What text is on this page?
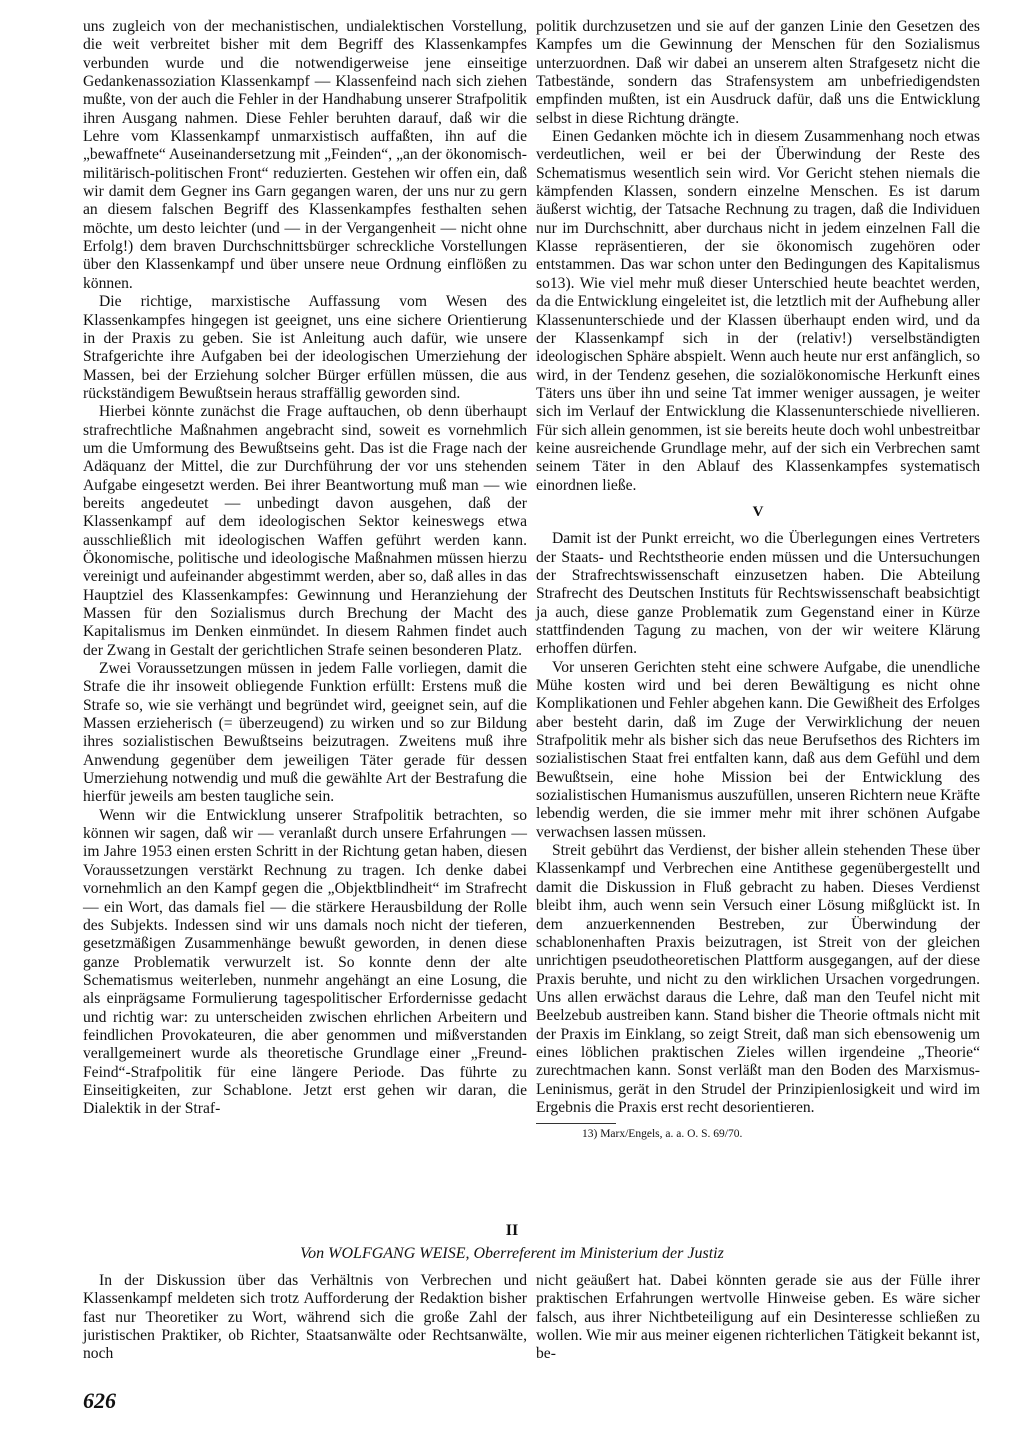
uns zugleich von der mechanistischen, undialektischen Vorstellung, die weit verbreitet bisher mit dem Begriff des Klassenkampfes verbunden wurde und die notwendigerweise jene einseitige Gedankenassoziation Klassenkampf — Klassenfeind nach sich ziehen mußte, von der auch die Fehler in der Handhabung unserer Strafpolitik ihren Ausgang nahmen. Diese Fehler beruhten darauf, daß wir die Lehre vom Klassenkampf unmarxistisch auffaßten, ihn auf die „bewaffnete“ Auseinandersetzung mit „Feinden“, „an der ökonomisch-militärisch-politischen Front“ reduzierten. Gestehen wir offen ein, daß wir damit dem Gegner ins Garn gegangen waren, der uns nur zu gern an diesem falschen Begriff des Klassenkampfes festhalten sehen möchte, um desto leichter (und — in der Vergangenheit — nicht ohne Erfolg!) dem braven Durchschnittsbürger schreckliche Vorstellungen über den Klassenkampf und über unsere neue Ordnung einflößen zu können.

Die richtige, marxistische Auffassung vom Wesen des Klassenkampfes hingegen ist geeignet, uns eine sichere Orientierung in der Praxis zu geben. Sie ist Anleitung auch dafür, wie unsere Strafgerichte ihre Aufgaben bei der ideologischen Umerziehung der Massen, bei der Erziehung solcher Bürger erfüllen müssen, die aus rückständigem Bewußtsein heraus straffällig geworden sind.

Hierbei könnte zunächst die Frage auftauchen, ob denn überhaupt strafrechtliche Maßnahmen angebracht sind, soweit es vornehmlich um die Umformung des Bewußtseins geht. Das ist die Frage nach der Adäquanz der Mittel, die zur Durchführung der vor uns stehenden Aufgabe eingesetzt werden. Bei ihrer Beantwortung muß man — wie bereits angedeutet — unbedingt davon ausgehen, daß der Klassenkampf auf dem ideologischen Sektor keineswegs etwa ausschließlich mit ideologischen Waffen geführt werden kann. Ökonomische, politische und ideologische Maßnahmen müssen hierzu vereinigt und aufeinander abgestimmt werden, aber so, daß alles in das Hauptziel des Klassenkampfes: Gewinnung und Heranziehung der Massen für den Sozialismus durch Brechung der Macht des Kapitalismus im Denken einmündet. In diesem Rahmen findet auch der Zwang in Gestalt der gerichtlichen Strafe seinen besonderen Platz.

Zwei Voraussetzungen müssen in jedem Falle vorliegen, damit die Strafe die ihr insoweit obliegende Funktion erfüllt: Erstens muß die Strafe so, wie sie verhängt und begründet wird, geeignet sein, auf die Massen erzieherisch (= überzeugend) zu wirken und so zur Bildung ihres sozialistischen Bewußtseins beizutragen. Zweitens muß ihre Anwendung gegenüber dem jeweiligen Täter gerade für dessen Umerziehung notwendig und muß die gewählte Art der Bestrafung die hierfür jeweils am besten taugliche sein.

Wenn wir die Entwicklung unserer Strafpolitik betrachten, so können wir sagen, daß wir — veranlaßt durch unsere Erfahrungen — im Jahre 1953 einen ersten Schritt in der Richtung getan haben, diesen Voraussetzungen verstärkt Rechnung zu tragen. Ich denke dabei vornehmlich an den Kampf gegen die „Objektblindheit“ im Strafrecht — ein Wort, das damals fiel — die stärkere Herausbildung der Rolle des Subjekts. Indessen sind wir uns damals noch nicht der tieferen, gesetzmäßigen Zusammenhänge bewußt geworden, in denen diese ganze Problematik verwurzelt ist. So konnte denn der alte Schematismus weiterleben, nunmehr angehängt an eine Losung, die als einprägsame Formulierung tagespolitischer Erfordernisse gedacht und richtig war: zu unterscheiden zwischen ehrlichen Arbeitern und feindlichen Provokateuren, die aber genommen und mißverstanden verallgemeinert wurde als theoretische Grundlage einer „Freund-Feind“-Strafpolitik für eine längere Periode. Das führte zu Einseitigkeiten, zur Schablone. Jetzt erst gehen wir daran, die Dialektik in der Straf-

politik durchzusetzen und sie auf der ganzen Linie den Gesetzen des Kampfes um die Gewinnung der Menschen für den Sozialismus unterzuordnen. Daß wir dabei an unserem alten Strafgesetz nicht die Tatbestände, sondern das Strafensystem am unbefriedigendsten empfinden mußten, ist ein Ausdruck dafür, daß uns die Entwicklung selbst in diese Richtung drängte.

Einen Gedanken möchte ich in diesem Zusammenhang noch etwas verdeutlichen, weil er bei der Überwindung der Reste des Schematismus wesentlich sein wird. Vor Gericht stehen niemals die kämpfenden Klassen, sondern einzelne Menschen. Es ist darum äußerst wichtig, der Tatsache Rechnung zu tragen, daß die Individuen nur im Durchschnitt, aber durchaus nicht in jedem einzelnen Fall die Klasse repräsentieren, der sie ökonomisch zugehören oder entstammen. Das war schon unter den Bedingungen des Kapitalismus so13). Wie viel mehr muß dieser Unterschied heute beachtet werden, da die Entwicklung eingeleitet ist, die letztlich mit der Aufhebung aller Klassenunterschiede und der Klassen überhaupt enden wird, und da der Klassenkampf sich in der (relativ!) verselbständigten ideologischen Sphäre abspielt. Wenn auch heute nur erst anfänglich, so wird, in der Tendenz gesehen, die sozialökonomische Herkunft eines Täters uns über ihn und seine Tat immer weniger aussagen, je weiter sich im Verlauf der Entwicklung die Klassenunterschiede nivellieren. Für sich allein genommen, ist sie bereits heute doch wohl unbestreitbar keine ausreichende Grundlage mehr, auf der sich ein Verbrechen samt seinem Täter in den Ablauf des Klassenkampfes systematisch einordnen ließe.

V

Damit ist der Punkt erreicht, wo die Überlegungen eines Vertreters der Staats- und Rechtstheorie enden müssen und die Untersuchungen der Strafrechtswissenschaft einzusetzen haben. Die Abteilung Strafrecht des Deutschen Instituts für Rechtswissenschaft beabsichtigt ja auch, diese ganze Problematik zum Gegenstand einer in Kürze stattfindenden Tagung zu machen, von der wir weitere Klärung erhoffen dürfen.

Vor unseren Gerichten steht eine schwere Aufgabe, die unendliche Mühe kosten wird und bei deren Bewältigung es nicht ohne Komplikationen und Fehler abgehen kann. Die Gewißheit des Erfolges aber besteht darin, daß im Zuge der Verwirklichung der neuen Strafpolitik mehr als bisher sich das neue Berufsethos des Richters im sozialistischen Staat frei entfalten kann, daß aus dem Gefühl und dem Bewußtsein, eine hohe Mission bei der Entwicklung des sozialistischen Humanismus auszufüllen, unseren Richtern neue Kräfte lebendig werden, die sie immer mehr mit ihrer schönen Aufgabe verwachsen lassen müssen.

Streit gebührt das Verdienst, der bisher allein stehenden These über Klassenkampf und Verbrechen eine Antithese gegenübergestellt und damit die Diskussion in Fluß gebracht zu haben. Dieses Verdienst bleibt ihm, auch wenn sein Versuch einer Lösung mißglückt ist. In dem anzuerkennenden Bestreben, zur Überwindung der schablonenhaften Praxis beizutragen, ist Streit von der gleichen unrichtigen pseudotheoretischen Plattform ausgegangen, auf der diese Praxis beruhte, und nicht zu den wirklichen Ursachen vorgedrungen. Uns allen erwächst daraus die Lehre, daß man den Teufel nicht mit Beelzebub austreiben kann. Stand bisher die Theorie oftmals nicht mit der Praxis im Einklang, so zeigt Streit, daß man sich ebensowenig um eines löblichen praktischen Zieles willen irgendeine „Theorie“ zurechtmachen kann. Sonst verläßt man den Boden des Marxismus-Leninismus, gerät in den Strudel der Prinzipienlosigkeit und wird im Ergebnis die Praxis erst recht desorientieren.

13) Marx/Engels, a. a. O. S. 69/70.

II
Von WOLFGANG WEISE, Oberreferent im Ministerium der Justiz

In der Diskussion über das Verhältnis von Verbrechen und Klassenkampf meldeten sich trotz Aufforderung der Redaktion bisher fast nur Theoretiker zu Wort, während sich die große Zahl der juristischen Praktiker, ob Richter, Staatsanwälte oder Rechtsanwälte, noch

nicht geäußert hat. Dabei könnten gerade sie aus der Fülle ihrer praktischen Erfahrungen wertvolle Hinweise geben. Es wäre sicher falsch, aus ihrer Nichtbeteiligung auf ein Desinteresse schließen zu wollen. Wie mir aus meiner eigenen richterlichen Tätigkeit bekannt ist, be-

626
